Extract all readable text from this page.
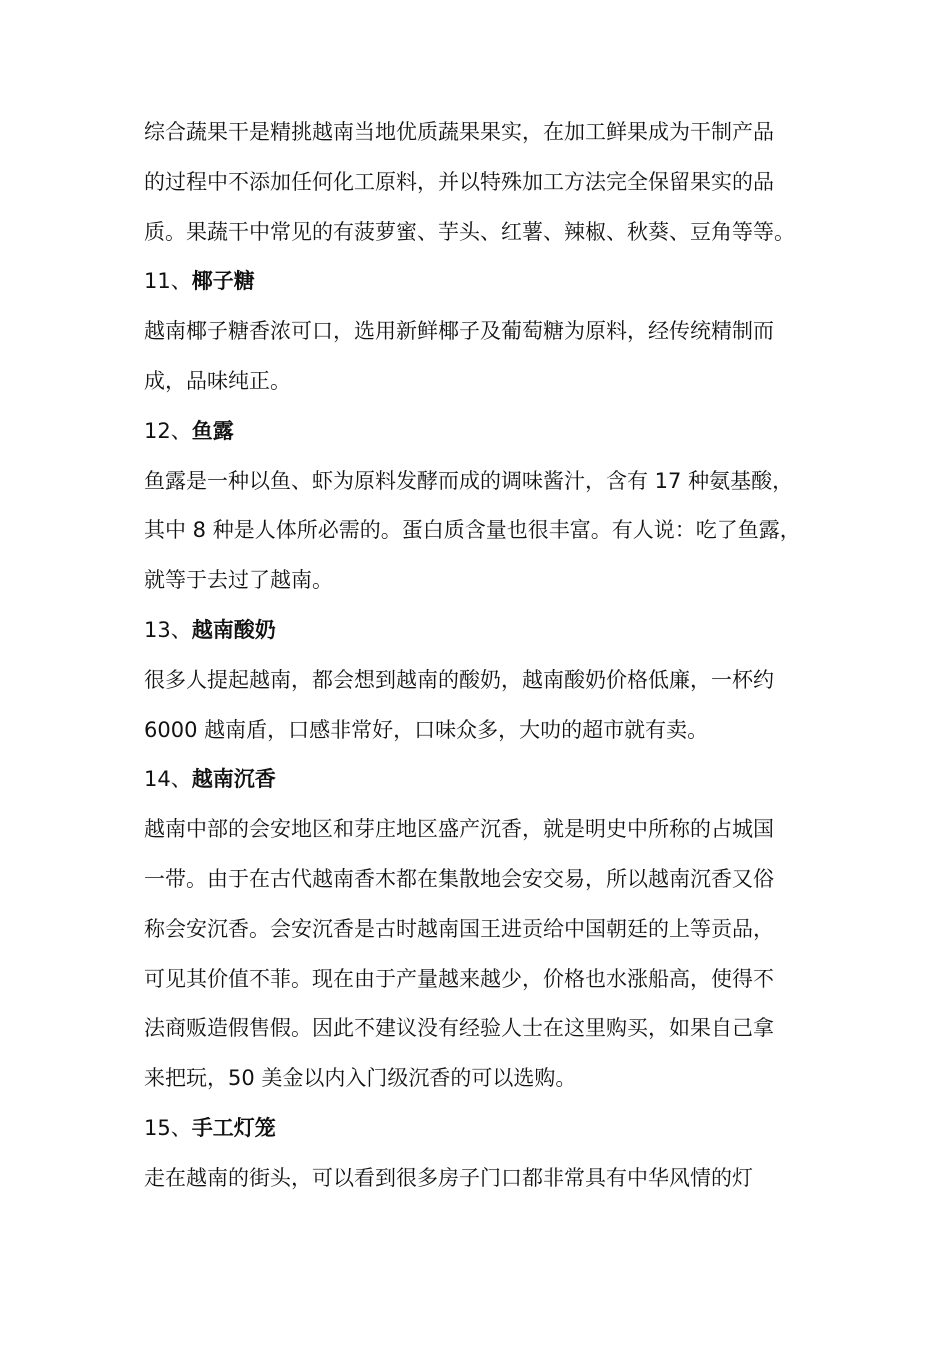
综合蔬果干是精挑越南当地优质蔬果果实，在加工鲜果成为干制产品
的过程中不添加任何化工原料，并以特殊加工方法完全保留果实的品
质。果蔬干中常见的有菠萝蜜、芋头、红薯、辣椒、秋葵、豆角等等。
11、椰子糖
越南椰子糖香浓可口，选用新鲜椰子及葡萄糖为原料，经传统精制而
成，品味纯正。
12、鱼露
鱼露是一种以鱼、虾为原料发酵而成的调味酱汁，含有 17 种氨基酸，
其中 8 种是人体所必需的。蛋白质含量也很丰富。有人说：吃了鱼露，
就等于去过了越南。
13、越南酸奶
很多人提起越南，都会想到越南的酸奶，越南酸奶价格低廉，一杯约
6000 越南盾，口感非常好，口味众多，大叻的超市就有卖。
14、越南沉香
越南中部的会安地区和芽庄地区盛产沉香，就是明史中所称的占城国
一带。由于在古代越南香木都在集散地会安交易，所以越南沉香又俗
称会安沉香。会安沉香是古时越南国王进贡给中国朝廷的上等贡品，
可见其价值不菲。现在由于产量越来越少，价格也水涨船高，使得不
法商贩造假售假。因此不建议没有经验人士在这里购买，如果自己拿
来把玩，50 美金以内入门级沉香的可以选购。
15、手工灯笼
走在越南的街头，可以看到很多房子门口都非常具有中华风情的灯
